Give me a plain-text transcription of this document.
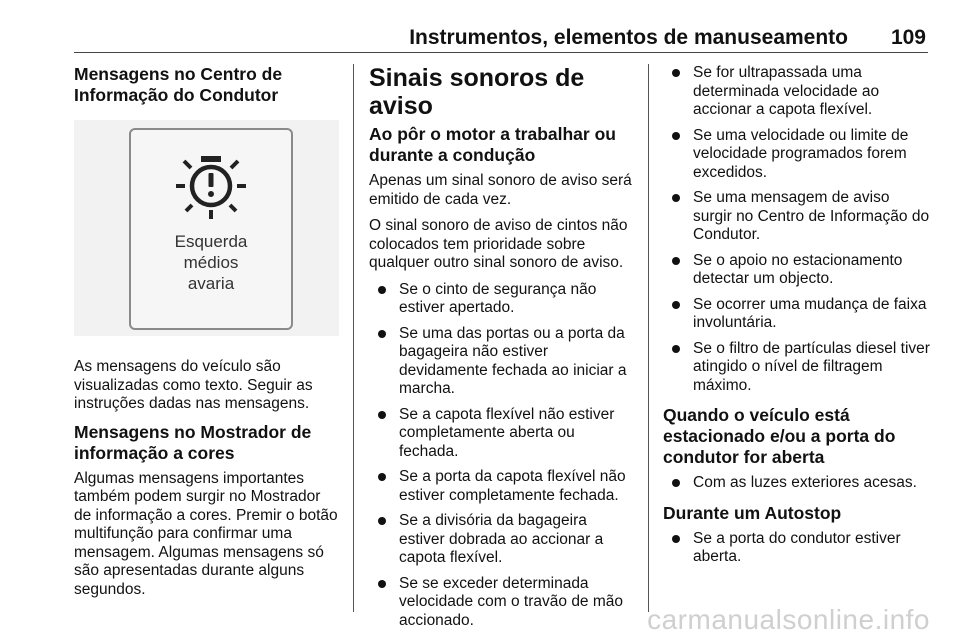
Instrumentos, elementos de manuseamento 109
Mensagens no Centro de Informação do Condutor
Esquerda
médios
avaria

As mensagens do veículo são visualizadas como texto. Seguir as instruções dadas nas mensagens.

Mensagens no Mostrador de informação a cores

Algumas mensagens importantes também podem surgir no Mostrador de informação a cores. Premir o botão multifunção para confirmar uma mensagem. Algumas mensagens só são apresentadas durante alguns segundos.

Sinais sonoros de aviso
Ao pôr o motor a trabalhar ou durante a condução

Apenas um sinal sonoro de aviso será emitido de cada vez.

O sinal sonoro de aviso de cintos não colocados tem prioridade sobre qualquer outro sinal sonoro de aviso.

Se o cinto de segurança não estiver apertado.
Se uma das portas ou a porta da bagageira não estiver devidamente fechada ao iniciar a marcha.
Se a capota flexível não estiver completamente aberta ou fechada.
Se a porta da capota flexível não estiver completamente fechada.
Se a divisória da bagageira estiver dobrada ao accionar a capota flexível.
Se se exceder determinada velocidade com o travão de mão accionado.
Se for ultrapassada uma determinada velocidade ao accionar a capota flexível.
Se uma velocidade ou limite de velocidade programados forem excedidos.
Se uma mensagem de aviso surgir no Centro de Informação do Condutor.
Se o apoio no estacionamento detectar um objecto.
Se ocorrer uma mudança de faixa involuntária.
Se o filtro de partículas diesel tiver atingido o nível de filtragem máximo.
Quando o veículo está estacionado e/ou a porta do condutor for aberta
Com as luzes exteriores acesas.
Durante um Autostop
Se a porta do condutor estiver aberta.
carmanualsonline.info
